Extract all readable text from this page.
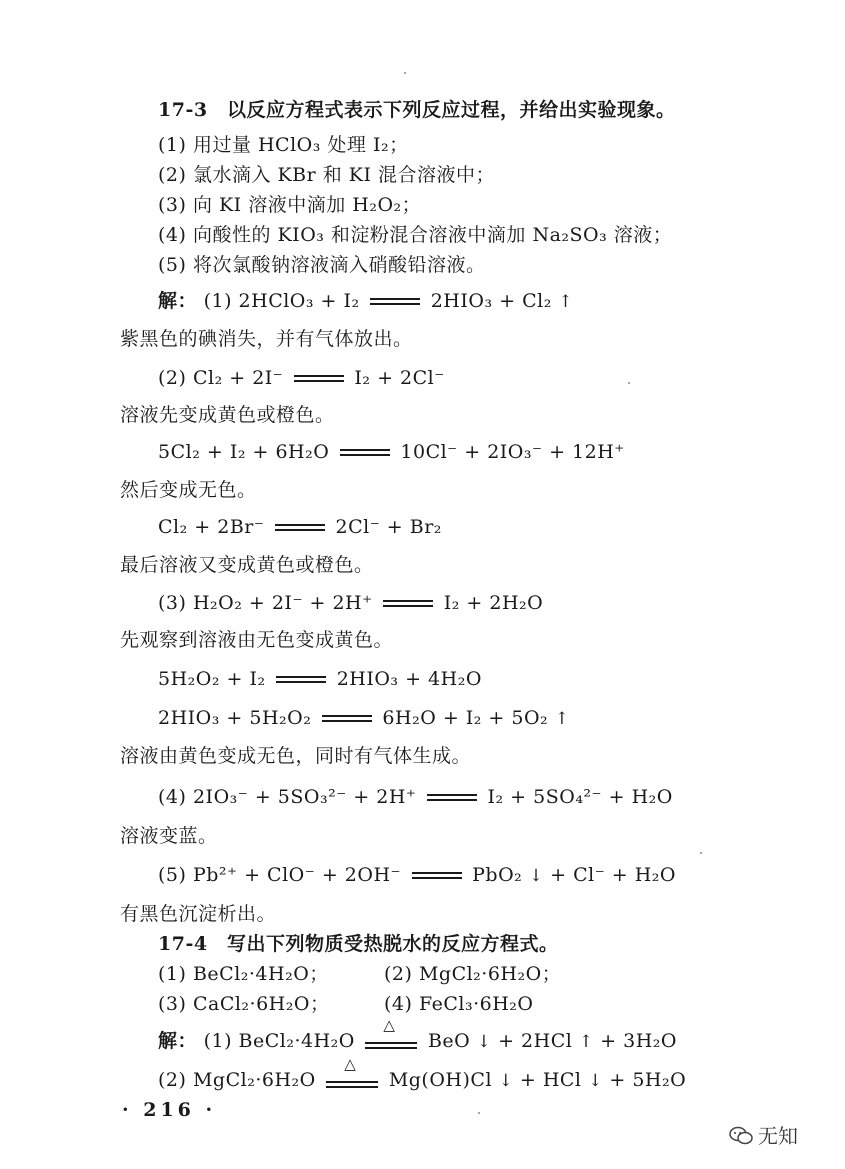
17-3　以反应方程式表示下列反应过程，并给出实验现象。
(1) 用过量 HClO₃ 处理 I₂；
(2) 氯水滴入 KBr 和 KI 混合溶液中；
(3) 向 KI 溶液中滴加 H₂O₂；
(4) 向酸性的 KIO₃ 和淀粉混合溶液中滴加 Na₂SO₃ 溶液；
(5) 将次氯酸钠溶液滴入硝酸铅溶液。
解： (1) 2HClO₃ + I₂	2HIO₃ + Cl₂ ↑
紫黑色的碘消失，并有气体放出。
(2) Cl₂ + 2I⁻	I₂ + 2Cl⁻
溶液先变成黄色或橙色。
5Cl₂ + I₂ + 6H₂O	10Cl⁻ + 2IO₃⁻ + 12H⁺
然后变成无色。
Cl₂ + 2Br⁻	2Cl⁻ + Br₂
最后溶液又变成黄色或橙色。
(3) H₂O₂ + 2I⁻ + 2H⁺	I₂ + 2H₂O
先观察到溶液由无色变成黄色。
5H₂O₂ + I₂	2HIO₃ + 4H₂O
2HIO₃ + 5H₂O₂	6H₂O + I₂ + 5O₂ ↑
溶液由黄色变成无色，同时有气体生成。
(4) 2IO₃⁻ + 5SO₃²⁻ + 2H⁺	I₂ + 5SO₄²⁻ + H₂O
溶液变蓝。
(5) Pb²⁺ + ClO⁻ + 2OH⁻	PbO₂ ↓ + Cl⁻ + H₂O
有黑色沉淀析出。
17-4　写出下列物质受热脱水的反应方程式。
(1) BeCl₂·4H₂O；	(2) MgCl₂·6H₂O；
(3) CaCl₂·6H₂O；	(4) FeCl₃·6H₂O
解： (1) BeCl₂·4H₂O
△
BeO ↓ + 2HCl ↑ + 3H₂O
(2) MgCl₂·6H₂O
△
Mg(OH)Cl ↓ + HCl ↓ + 5H₂O
· 216 ·
无知
